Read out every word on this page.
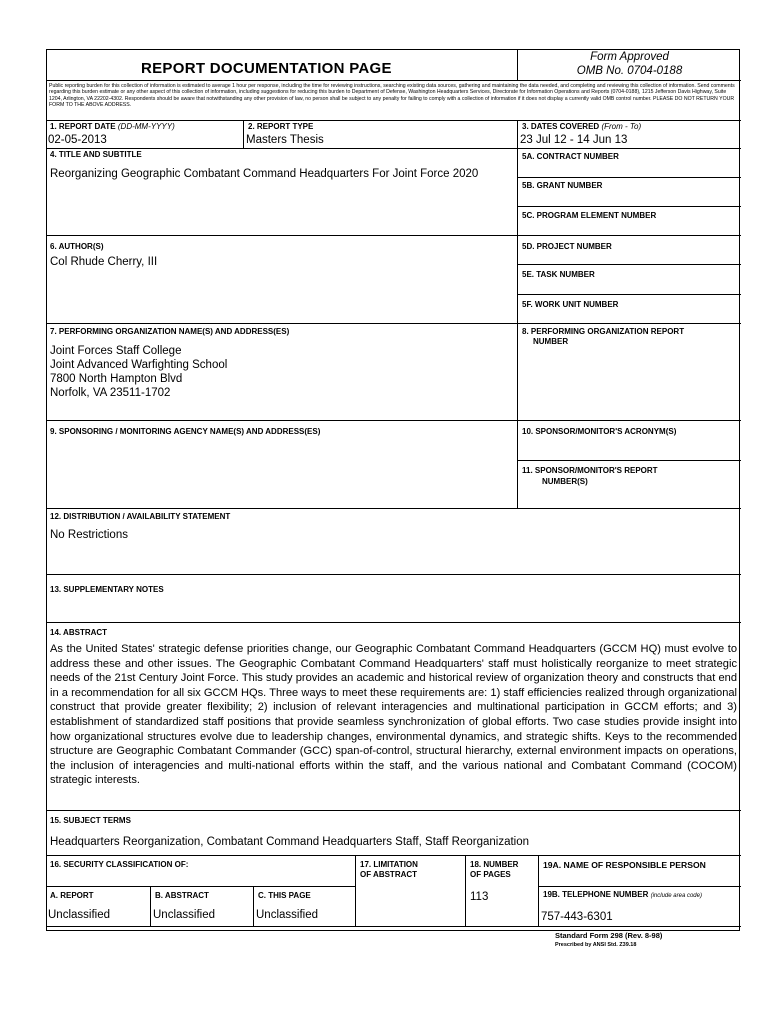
REPORT DOCUMENTATION PAGE
Form Approved
OMB No. 0704-0188
Public reporting burden for this collection of information is estimated to average 1 hour per response, including the time for reviewing instructions, searching existing data sources, gathering and maintaining the data needed, and completing and reviewing this collection of information. Send comments regarding this burden estimate or any other aspect of this collection of information, including suggestions for reducing this burden to Department of Defense, Washington Headquarters Services, Directorate for Information Operations and Reports (0704-0188), 1215 Jefferson Davis Highway, Suite 1204, Arlington, VA 22202-4302. Respondents should be aware that notwithstanding any other provision of law, no person shall be subject to any penalty for failing to comply with a collection of information if it does not display a currently valid OMB control number. PLEASE DO NOT RETURN YOUR FORM TO THE ABOVE ADDRESS.
1. REPORT DATE (DD-MM-YYYY)
02-05-2013
2. REPORT TYPE
Masters Thesis
3. DATES COVERED (From - To)
23 Jul 12 - 14 Jun 13
4. TITLE AND SUBTITLE
Reorganizing Geographic Combatant Command Headquarters For Joint Force 2020
5A. CONTRACT NUMBER
5B. GRANT NUMBER
5C. PROGRAM ELEMENT NUMBER
6. AUTHOR(S)
Col Rhude Cherry, III
5D. PROJECT NUMBER
5E. TASK NUMBER
5F. WORK UNIT NUMBER
7. PERFORMING ORGANIZATION NAME(S) AND ADDRESS(ES)
Joint Forces Staff College
Joint Advanced Warfighting School
7800 North Hampton Blvd
Norfolk, VA 23511-1702
8. PERFORMING ORGANIZATION REPORT
NUMBER
9. SPONSORING / MONITORING AGENCY NAME(S) AND ADDRESS(ES)	10. SPONSOR/MONITOR'S ACRONYM(S)
11. SPONSOR/MONITOR'S REPORT
NUMBER(S)
12. DISTRIBUTION / AVAILABILITY STATEMENT
No Restrictions
13. SUPPLEMENTARY NOTES
14. ABSTRACT
As the United States' strategic defense priorities change, our Geographic Combatant Command Headquarters (GCCM HQ) must evolve to address these and other issues. The Geographic Combatant Command Headquarters' staff must holistically reorganize to meet strategic needs of the 21st Century Joint Force. This study provides an academic and historical review of organization theory and constructs that end in a recommendation for all six GCCM HQs. Three ways to meet these requirements are: 1) staff efficiencies realized through organizational construct that provide greater flexibility; 2) inclusion of relevant interagencies and multinational participation in GCCM efforts; and 3) establishment of standardized staff positions that provide seamless synchronization of global efforts. Two case studies provide insight into how organizational structures evolve due to leadership changes, environmental dynamics, and strategic shifts. Keys to the recommended structure are Geographic Combatant Commander (GCC) span-of-control, structural hierarchy, external environment impacts on operations, the inclusion of interagencies and multi-national efforts within the staff, and the various national and Combatant Command (COCOM) strategic interests.
15. SUBJECT TERMS
Headquarters Reorganization, Combatant Command Headquarters Staff, Staff Reorganization
16. SECURITY CLASSIFICATION OF:	17. LIMITATION
OF ABSTRACT
18. NUMBER
OF PAGES
113
19A. NAME OF RESPONSIBLE PERSON
A. REPORT
Unclassified
B. ABSTRACT
Unclassified
C. THIS PAGE
Unclassified
19B. TELEPHONE NUMBER (include area code)
757-443-6301
Standard Form 298 (Rev. 8-98)
Prescribed by ANSI Std. Z39.18
